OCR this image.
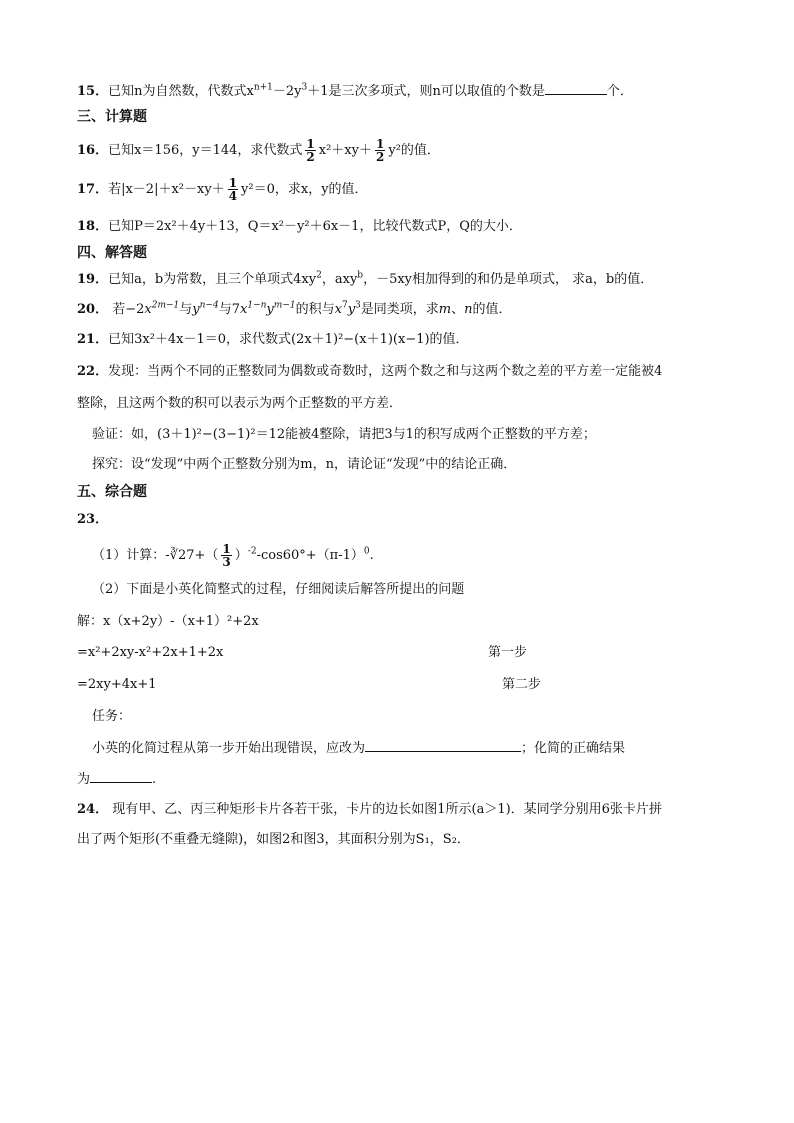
15．已知n为自然数，代数式$x^{n+1}-2y^3+1$是三次多项式，则n可以取值的个数是	个．

三、计算题

16．已知x＝156，y＝144，求代数式 $\frac{1}{2} x^2+xy+ \frac{1}{2} y^2$的值．

17．若$|x-2|+x^2-xy+ \frac{1}{4} y^2=0$，求x，y的值．

18．已知P＝2x²＋4y＋13，Q＝x²－y²＋6x－1，比较代数式P，Q的大小．

四、解答题

19．已知a，b为常数，且三个单项式$4xy^2$，axy$^b$，－5xy相加得到的和仍是单项式， 求a，b的值．

20． 若$-2x^{2m-1}$与$y^{n-4}$与$7x^{1-n}y^{m-1}$的积与$x^7y^3$是同类项，求m、n的值．

21．已知3x²＋4x－1＝0，求代数式(2x＋1)²−(x＋1)(x−1)的值．

22．发现：当两个不同的正整数同为偶数或奇数时，这两个数之和与这两个数之差的平方差一定能被4

整除，且这两个数的积可以表示为两个正整数的平方差．

验证：如，(3＋1)²−(3−1)²＝12能被4整除，请把3与1的积写成两个正整数的平方差；

探究：设“发现”中两个正整数分别为m，n，请论证“发现”中的结论正确．

五、综合题

23．

（1）计算：-∛27+（ $\frac{1}{3} )^{-2}-\cos 60^\circ+(\pi-1)^0$.

（2）下面是小英化简整式的过程，仔细阅读后解答所提出的问题

解：x（x+2y）-（x+1）²+2x

=x²+2xy-x²+2x+1+2x	第一步

=2xy+4x+1	第二步

任务：

小英的化简过程从第一步开始出现错误，应改为	；化简的正确结果

为	.

24． 现有甲、乙、丙三种矩形卡片各若干张，卡片的边长如图1所示(a＞1)．某同学分别用6张卡片拼

出了两个矩形(不重叠无缝隙)，如图2和图3，其面积分别为S₁，S₂．
